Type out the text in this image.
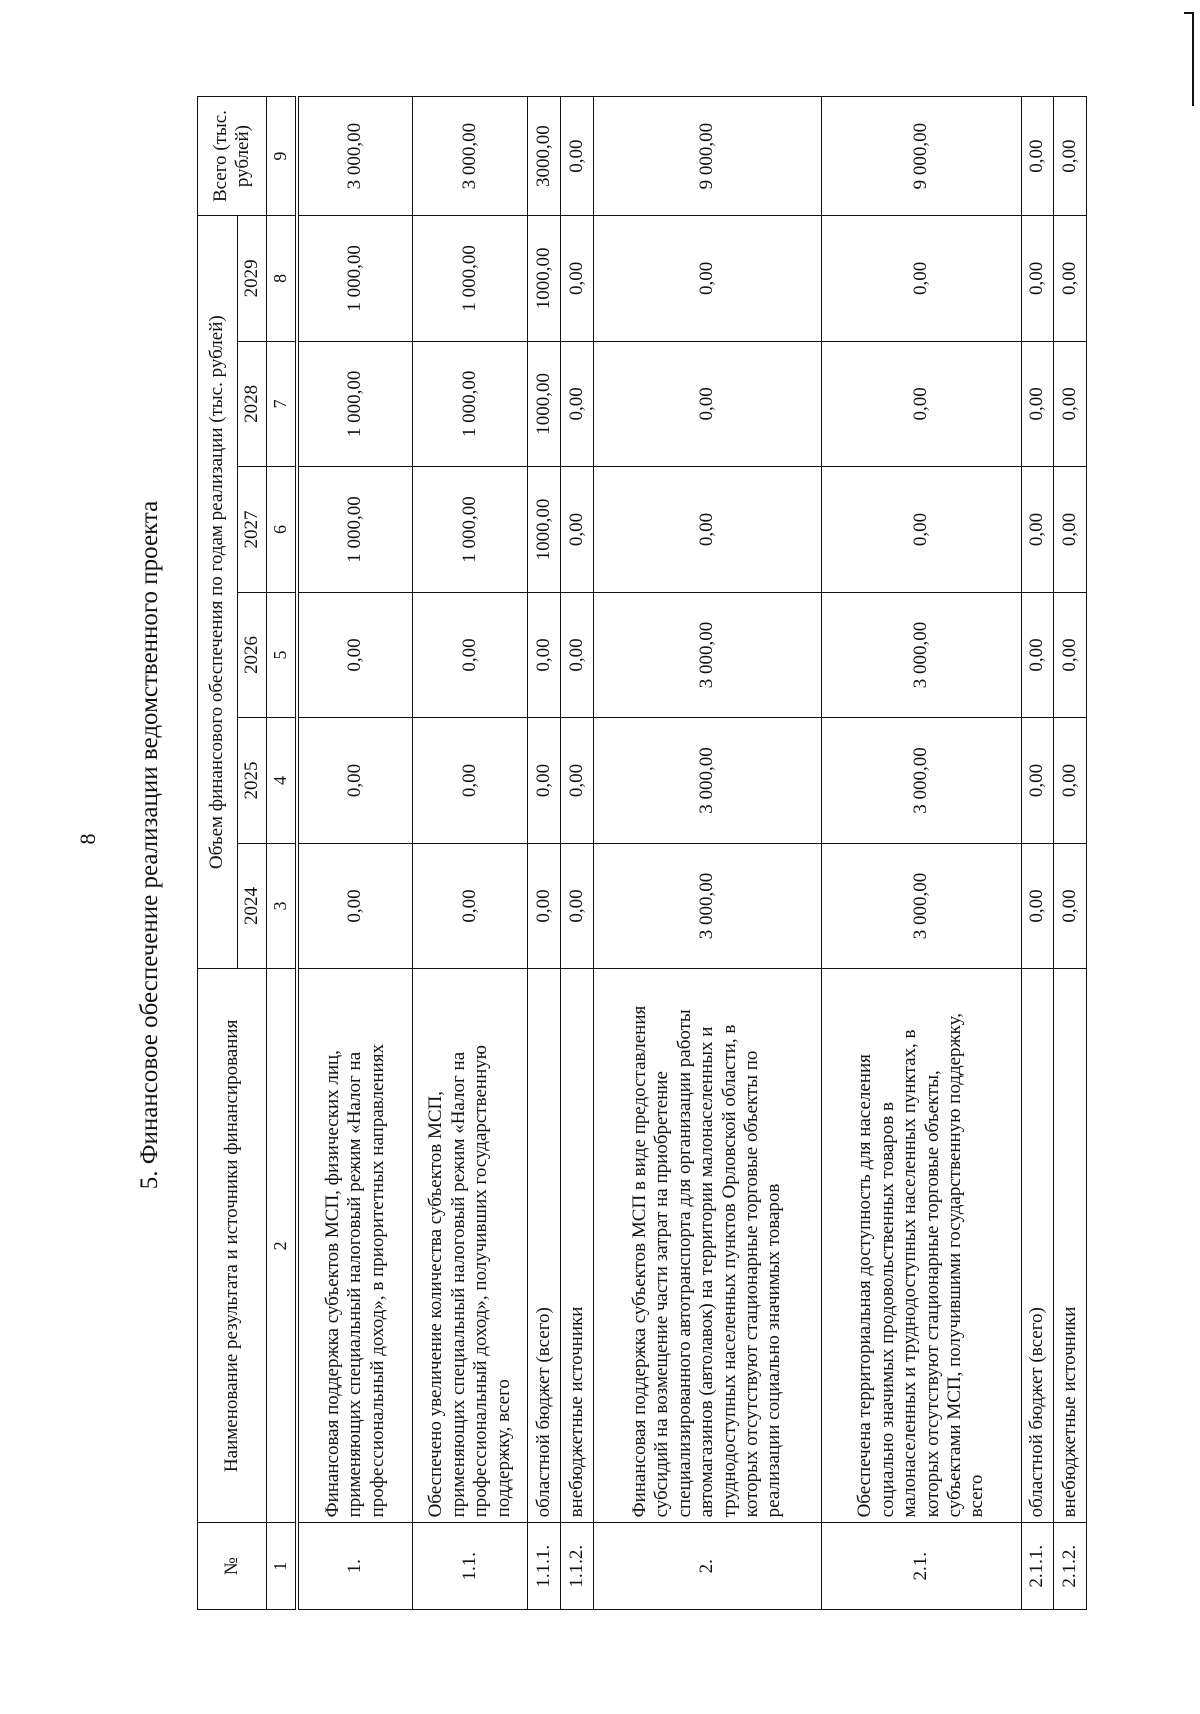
8 5. Финансовое обеспечение реализации ведомственного проекта
№	Наименование результата и источники финансирования	Объем финансового обеспечения по годам реализации (тыс. рублей)						Всего (тыс. рублей)
		2024	2025	2026	2027	2028	2029	
1	2	3	4	5	6	7	8	9
1.	Финансовая поддержка субъектов МСП, физических лиц, применяющих специальный налоговый режим «Налог на профессиональный доход», в приоритетных направлениях	0,00	0,00	0,00	1 000,00	1 000,00	1 000,00	3 000,00
1.1.	Обеспечено увеличение количества субъектов МСП, применяющих специальный налоговый режим «Налог на профессиональный доход», получивших государственную поддержку, всего	0,00	0,00	0,00	1 000,00	1 000,00	1 000,00	3 000,00
1.1.1.	областной бюджет (всего)	0,00	0,00	0,00	1000,00	1000,00	1000,00	3000,00
1.1.2.	внебюджетные источники	0,00	0,00	0,00	0,00	0,00	0,00	0,00
2.	Финансовая поддержка субъектов МСП в виде предоставления субсидий на возмещение части затрат на приобретение специализированного автотранспорта для организации работы автомагазинов (автолавок) на территории малонаселенных и труднодоступных населенных пунктов Орловской области, в которых отсутствуют стационарные торговые объекты по реализации социально значимых товаров	3 000,00	3 000,00	3 000,00	0,00	0,00	0,00	9 000,00
2.1.	Обеспечена территориальная доступность для населения социально значимых продовольственных товаров в малонаселенных и труднодоступных населенных пунктах, в которых отсутствуют стационарные торговые объекты, субъектами МСП, получившими государственную поддержку, всего	3 000,00	3 000,00	3 000,00	0,00	0,00	0,00	9 000,00
2.1.1.	областной бюджет (всего)	0,00	0,00	0,00	0,00	0,00	0,00	0,00
2.1.2.	внебюджетные источники	0,00	0,00	0,00	0,00	0,00	0,00	0,00
